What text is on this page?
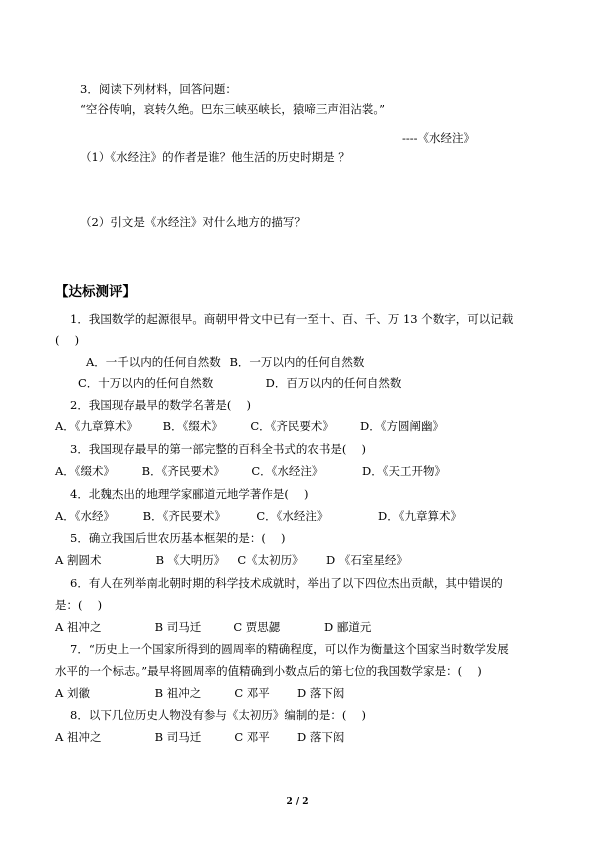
3．阅读下列材料，回答问题：
“空谷传响，哀转久绝。巴东三峡巫峡长，猿啼三声泪沾裳。”
----《水经注》
（1）《水经注》的作者是谁？他生活的历史时期是 ？
（2）引文是《水经注》对什么地方的描写？
【达标测评】
1．我国数学的起源很早。商朝甲骨文中已有一至十、百、千、万 13 个数字，可以记载
(　 )
A．一千以内的任何自然数 B．一万以内的任何自然数
C．十万以内的任何自然数	D．百万以内的任何自然数
2．我国现存最早的数学名著是(　 )
A．《九章算术》 B．《缀术》 C．《齐民要术》 D．《方圆阐幽》
3．我国现存最早的第一部完整的百科全书式的农书是(　 )
A．《缀术》 B．《齐民要术》 C．《水经注》	D．《天工开物》
4．北魏杰出的地理学家郦道元地学著作是(　 )
A．《水经》 B．《齐民要术》	C．《水经注》	D．《九章算术》
5．确立我国后世农历基本框架的是：(　 )
A 割圆术	B 《大明历》 C《太初历》 D 《石室星经》
6．有人在列举南北朝时期的科学技术成就时，举出了以下四位杰出贡献，其中错误的
是：(　 )
A 祖冲之	B 司马迁	C 贾思勰	D 郦道元
7．“历史上一个国家所得到的圆周率的精确程度，可以作为衡量这个国家当时数学发展
水平的一个标志。”最早将圆周率的值精确到小数点后的第七位的我国数学家是：(　 )
A 刘徽	B 祖冲之	C 邓平 D 落下闳
8．以下几位历史人物没有参与《太初历》编制的是：(　 )
A 祖冲之	B 司马迁	C 邓平 D 落下闳
2 / 2
